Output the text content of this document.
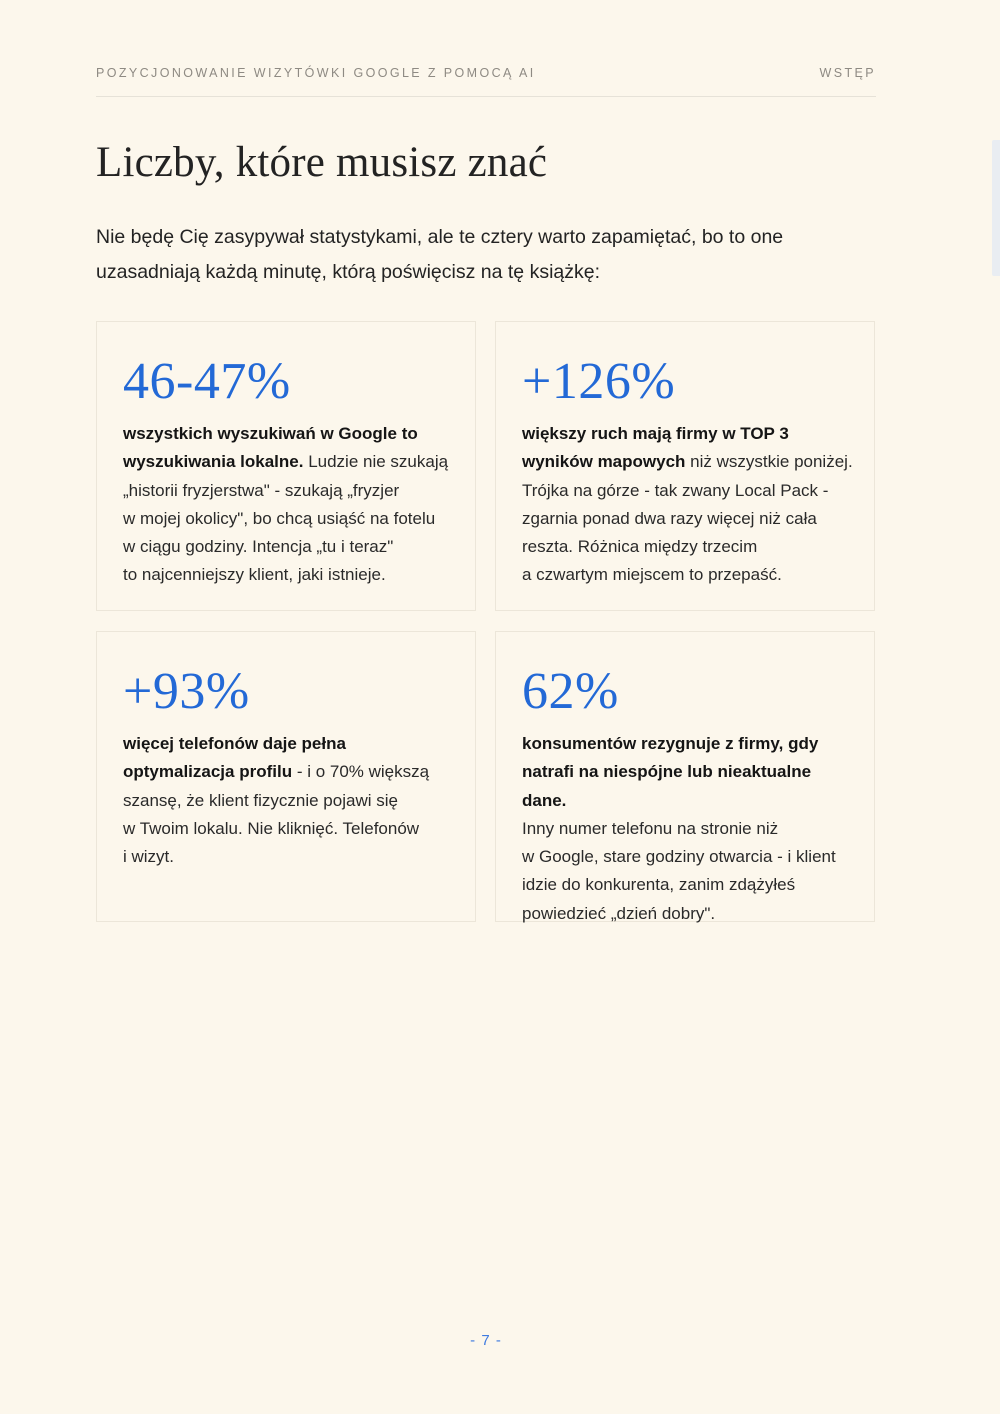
POZYCJONOWANIE WIZYTÓWKI GOOGLE Z POMOCĄ AI	WSTĘP
Liczby, które musisz znać

Nie będę Cię zasypywał statystykami, ale te cztery warto zapamiętać, bo to one
uzasadniają każdą minutę, którą poświęcisz na tę książkę:

46-47%

wszystkich wyszukiwań w Google to
wyszukiwania lokalne. Ludzie nie szukają
„historii fryzjerstwa" - szukają „fryzjer
w mojej okolicy", bo chcą usiąść na fotelu
w ciągu godziny. Intencja „tu i teraz"
to najcenniejszy klient, jaki istnieje.

+126%

większy ruch mają firmy w TOP 3
wyników mapowych niż wszystkie poniżej.
Trójka na górze - tak zwany Local Pack -
zgarnia ponad dwa razy więcej niż cała
reszta. Różnica między trzecim
a czwartym miejscem to przepaść.

+93%

więcej telefonów daje pełna
optymalizacja profilu - i o 70% większą
szansę, że klient fizycznie pojawi się
w Twoim lokalu. Nie kliknięć. Telefonów
i wizyt.

62%

konsumentów rezygnuje z firmy, gdy
natrafi na niespójne lub nieaktualne dane.
Inny numer telefonu na stronie niż
w Google, stare godziny otwarcia - i klient
idzie do konkurenta, zanim zdążyłeś
powiedzieć „dzień dobry".

- 7 -
